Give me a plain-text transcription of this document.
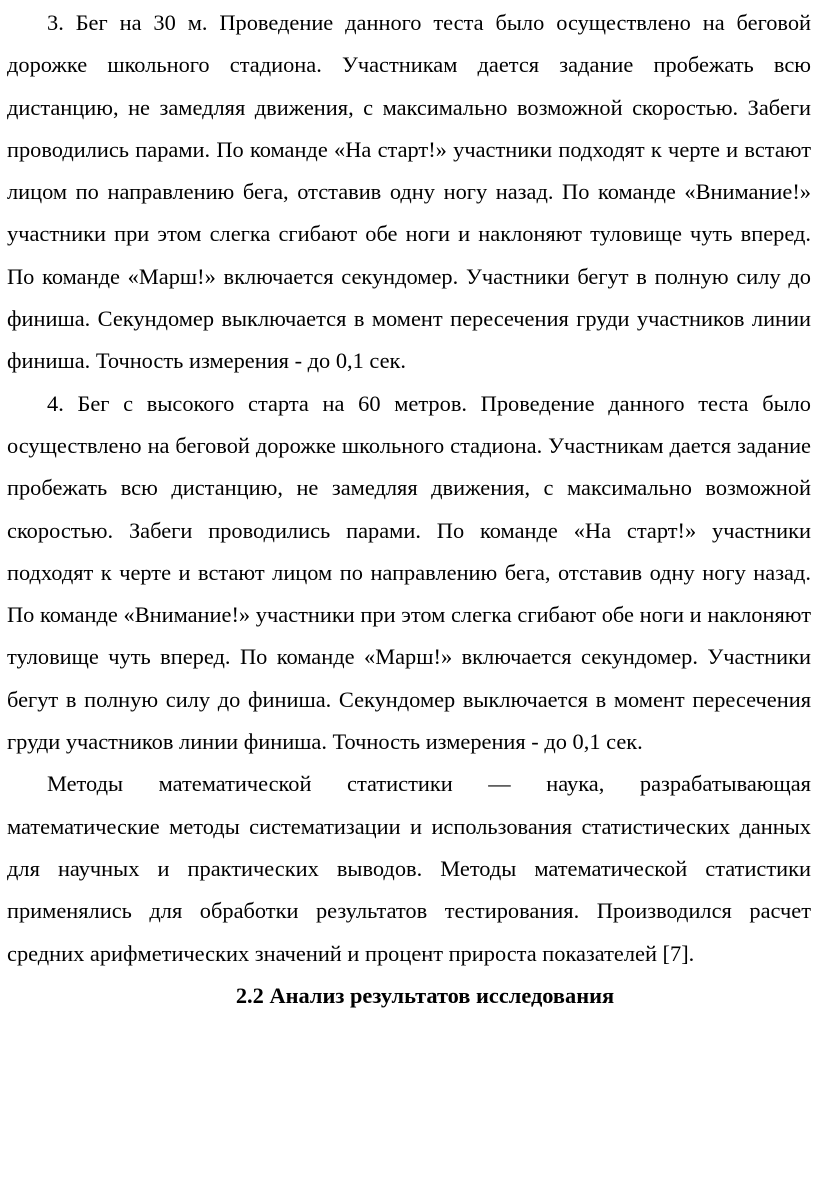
3. Бег на 30 м. Проведение данного теста было осуществлено на беговой дорожке школьного стадиона. Участникам дается задание пробежать всю дистанцию, не замедляя движения, с максимально возможной скоростью. Забеги проводились парами. По команде «На старт!» участники подходят к черте и встают лицом по направлению бега, отставив одну ногу назад. По команде «Внимание!» участники при этом слегка сгибают обе ноги и наклоняют туловище чуть вперед. По команде «Марш!» включается секундомер. Участники бегут в полную силу до финиша. Секундомер выключается в момент пересечения груди участников линии финиша. Точность измерения - до 0,1 сек.

4. Бег с высокого старта на 60 метров. Проведение данного теста было осуществлено на беговой дорожке школьного стадиона. Участникам дается задание пробежать всю дистанцию, не замедляя движения, с максимально возможной скоростью. Забеги проводились парами. По команде «На старт!» участники подходят к черте и встают лицом по направлению бега, отставив одну ногу назад. По команде «Внимание!» участники при этом слегка сгибают обе ноги и наклоняют туловище чуть вперед. По команде «Марш!» включается секундомер. Участники бегут в полную силу до финиша. Секундомер выключается в момент пересечения груди участников линии финиша. Точность измерения - до 0,1 сек.

Методы математической статистики — наука, разрабатывающая математические методы систематизации и использования статистических данных для научных и практических выводов. Методы математической статистики применялись для обработки результатов тестирования. Производился расчет средних арифметических значений и процент прироста показателей [7].

2.2 Анализ результатов исследования
